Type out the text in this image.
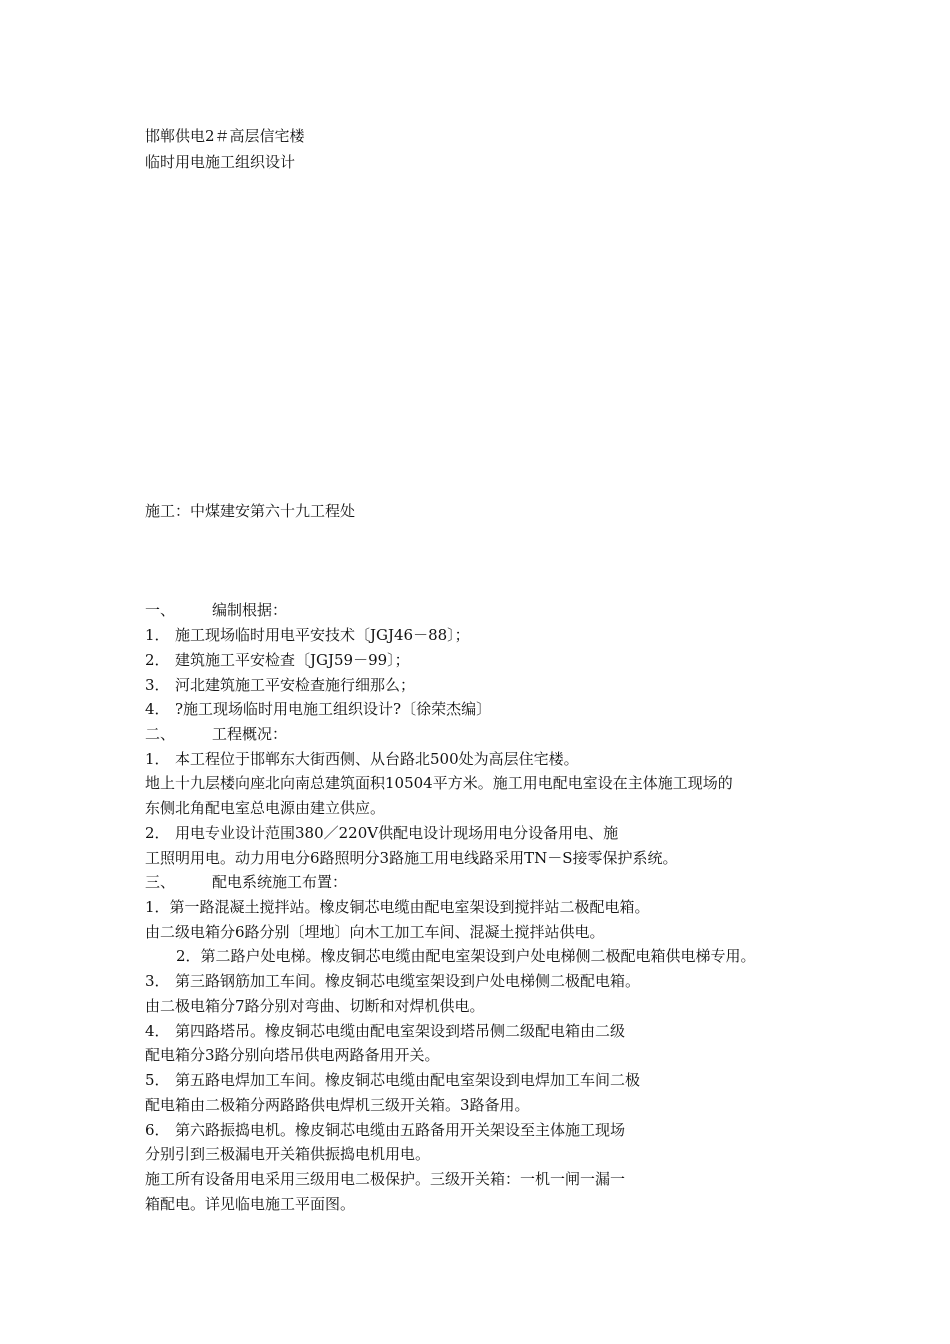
邯郸供电2＃高层信宅楼
临时用电施工组织设计
施工：中煤建安第六十九工程处
一、 编制根据：
1． 施工现场临时用电平安技术〔JGJ46－88〕；
2． 建筑施工平安检查〔JGJ59－99〕；
3． 河北建筑施工平安检查施行细那么；
4． ?施工现场临时用电施工组织设计?〔徐荣杰编〕
二、 工程概况：
1． 本工程位于邯郸东大街西侧、从台路北500处为高层住宅楼。
地上十九层楼向座北向南总建筑面积10504平方米。施工用电配电室设在主体施工现场的
东侧北角配电室总电源由建立供应。
2． 用电专业设计范围380／220V供配电设计现场用电分设备用电、施
工照明用电。动力用电分6路照明分3路施工用电线路采用TN－S接零保护系统。
三、 配电系统施工布置：
1．第一路混凝土搅拌站。橡皮铜芯电缆由配电室架设到搅拌站二极配电箱。
由二级电箱分6路分别〔埋地〕向木工加工车间、混凝土搅拌站供电。
2．第二路户处电梯。橡皮铜芯电缆由配电室架设到户处电梯侧二极配电箱供电梯专用。
3． 第三路钢筋加工车间。橡皮铜芯电缆室架设到户处电梯侧二极配电箱。
由二极电箱分7路分别对弯曲、切断和对焊机供电。
4． 第四路塔吊。橡皮铜芯电缆由配电室架设到塔吊侧二级配电箱由二级
配电箱分3路分别向塔吊供电两路备用开关。
5． 第五路电焊加工车间。橡皮铜芯电缆由配电室架设到电焊加工车间二极
配电箱由二极箱分两路路供电焊机三级开关箱。3路备用。
6． 第六路振捣电机。橡皮铜芯电缆由五路备用开关架设至主体施工现场
分别引到三极漏电开关箱供振捣电机用电。
施工所有设备用电采用三级用电二极保护。三级开关箱：一机一闸一漏一
箱配电。详见临电施工平面图。
